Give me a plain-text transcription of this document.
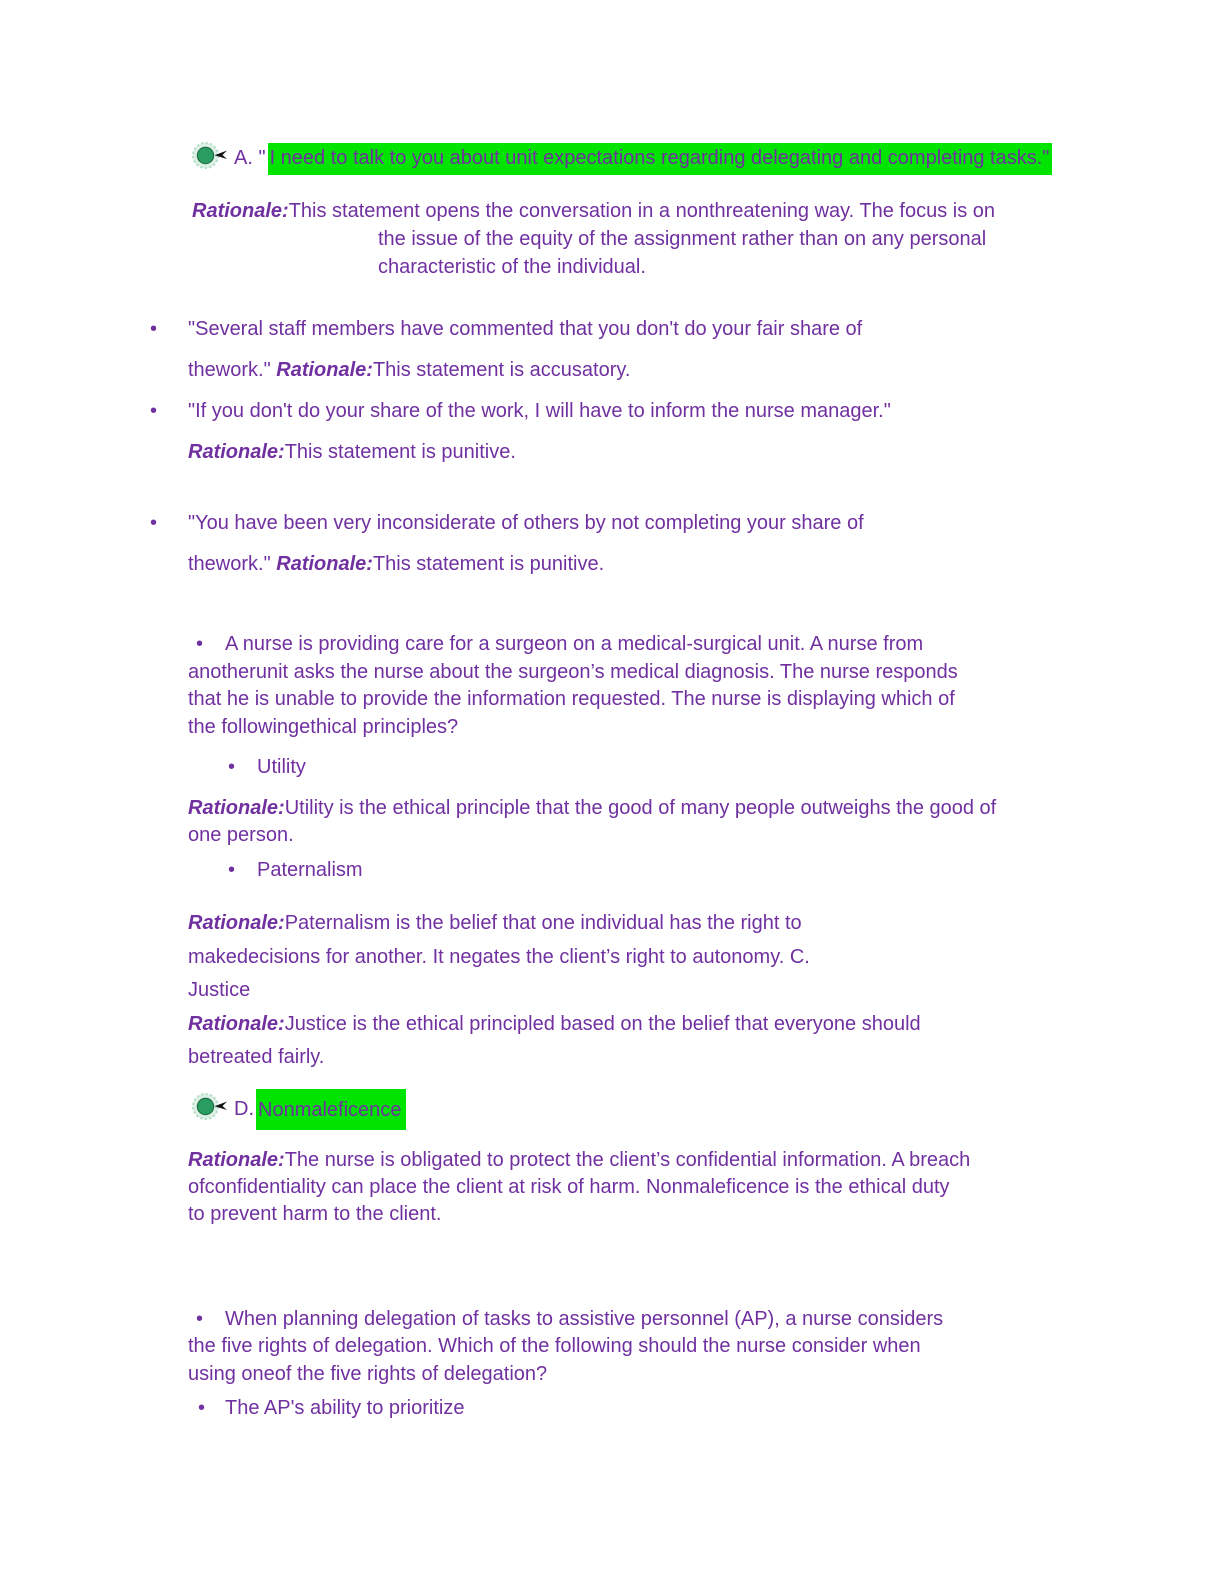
A. " I need to talk to you about unit expectations regarding delegating and completing tasks."
Rationale:This statement opens the conversation in a nonthreatening way. The focus is on
the issue of the equity of the assignment rather than on any personal
characteristic of the individual.
• "Several staff members have commented that you don't do your fair share of
thework." Rationale:This statement is accusatory.
• "If you don't do your share of the work, I will have to inform the nurse manager."
Rationale:This statement is punitive.
• "You have been very inconsiderate of others by not completing your share of
thework." Rationale:This statement is punitive.
• A nurse is providing care for a surgeon on a medical-surgical unit. A nurse from
anotherunit asks the nurse about the surgeon’s medical diagnosis. The nurse responds
that he is unable to provide the information requested. The nurse is displaying which of
the followingethical principles?
• Utility
Rationale:Utility is the ethical principle that the good of many people outweighs the good of
one person.
• Paternalism
Rationale:Paternalism is the belief that one individual has the right to
makedecisions for another. It negates the client’s right to autonomy. C.
Justice
Rationale:Justice is the ethical principled based on the belief that everyone should
betreated fairly.
D. Nonmaleficence
Rationale:The nurse is obligated to protect the client’s confidential information. A breach
ofconfidentiality can place the client at risk of harm. Nonmaleficence is the ethical duty
to prevent harm to the client.
• When planning delegation of tasks to assistive personnel (AP), a nurse considers
the five rights of delegation. Which of the following should the nurse consider when
using oneof the five rights of delegation?
• The AP's ability to prioritize
